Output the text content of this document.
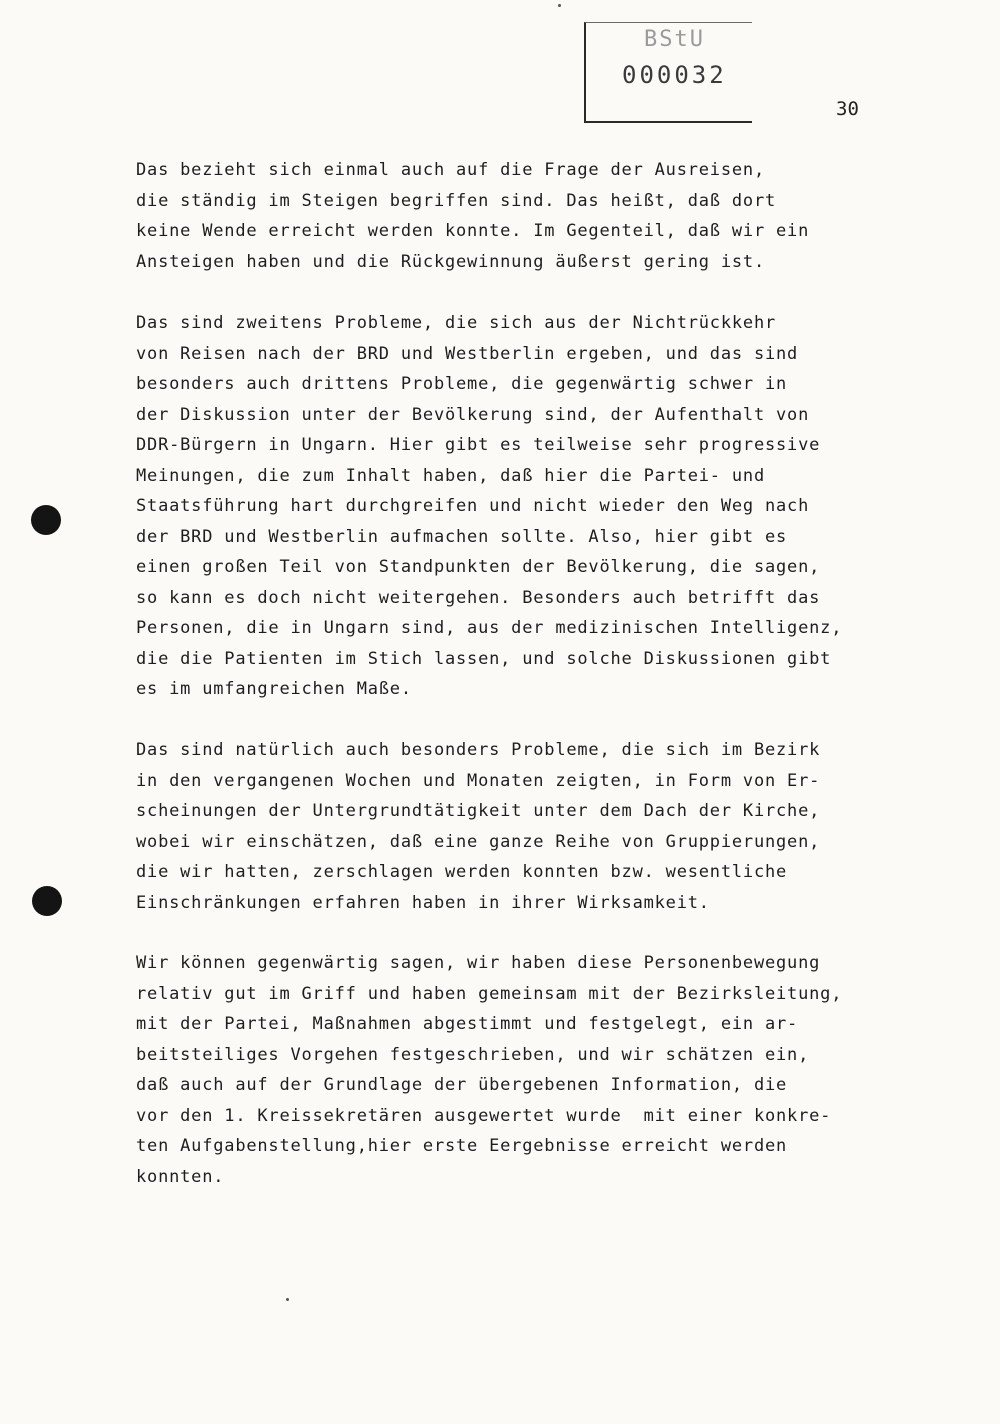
BStU
000032
30
Das bezieht sich einmal auch auf die Frage der Ausreisen,
die ständig im Steigen begriffen sind. Das heißt, daß dort
keine Wende erreicht werden konnte. Im Gegenteil, daß wir ein
Ansteigen haben und die Rückgewinnung äußerst gering ist.
Das sind zweitens Probleme, die sich aus der Nichtrückkehr
von Reisen nach der BRD und Westberlin ergeben, und das sind
besonders auch drittens Probleme, die gegenwärtig schwer in
der Diskussion unter der Bevölkerung sind, der Aufenthalt von
DDR-Bürgern in Ungarn. Hier gibt es teilweise sehr progressive
Meinungen, die zum Inhalt haben, daß hier die Partei- und
Staatsführung hart durchgreifen und nicht wieder den Weg nach
der BRD und Westberlin aufmachen sollte. Also, hier gibt es
einen großen Teil von Standpunkten der Bevölkerung, die sagen,
so kann es doch nicht weitergehen. Besonders auch betrifft das
Personen, die in Ungarn sind, aus der medizinischen Intelligenz,
die die Patienten im Stich lassen, und solche Diskussionen gibt
es im umfangreichen Maße.
Das sind natürlich auch besonders Probleme, die sich im Bezirk
in den vergangenen Wochen und Monaten zeigten, in Form von Er-
scheinungen der Untergrundtätigkeit unter dem Dach der Kirche,
wobei wir einschätzen, daß eine ganze Reihe von Gruppierungen,
die wir hatten, zerschlagen werden konnten bzw. wesentliche
Einschränkungen erfahren haben in ihrer Wirksamkeit.
Wir können gegenwärtig sagen, wir haben diese Personenbewegung
relativ gut im Griff und haben gemeinsam mit der Bezirksleitung,
mit der Partei, Maßnahmen abgestimmt und festgelegt, ein ar-
beitsteiliges Vorgehen festgeschrieben, und wir schätzen ein,
daß auch auf der Grundlage der übergebenen Information, die
vor den 1. Kreissekretären ausgewertet wurde  mit einer konkre-
ten Aufgabenstellung,hier erste Eergebnisse erreicht werden
konnten.
